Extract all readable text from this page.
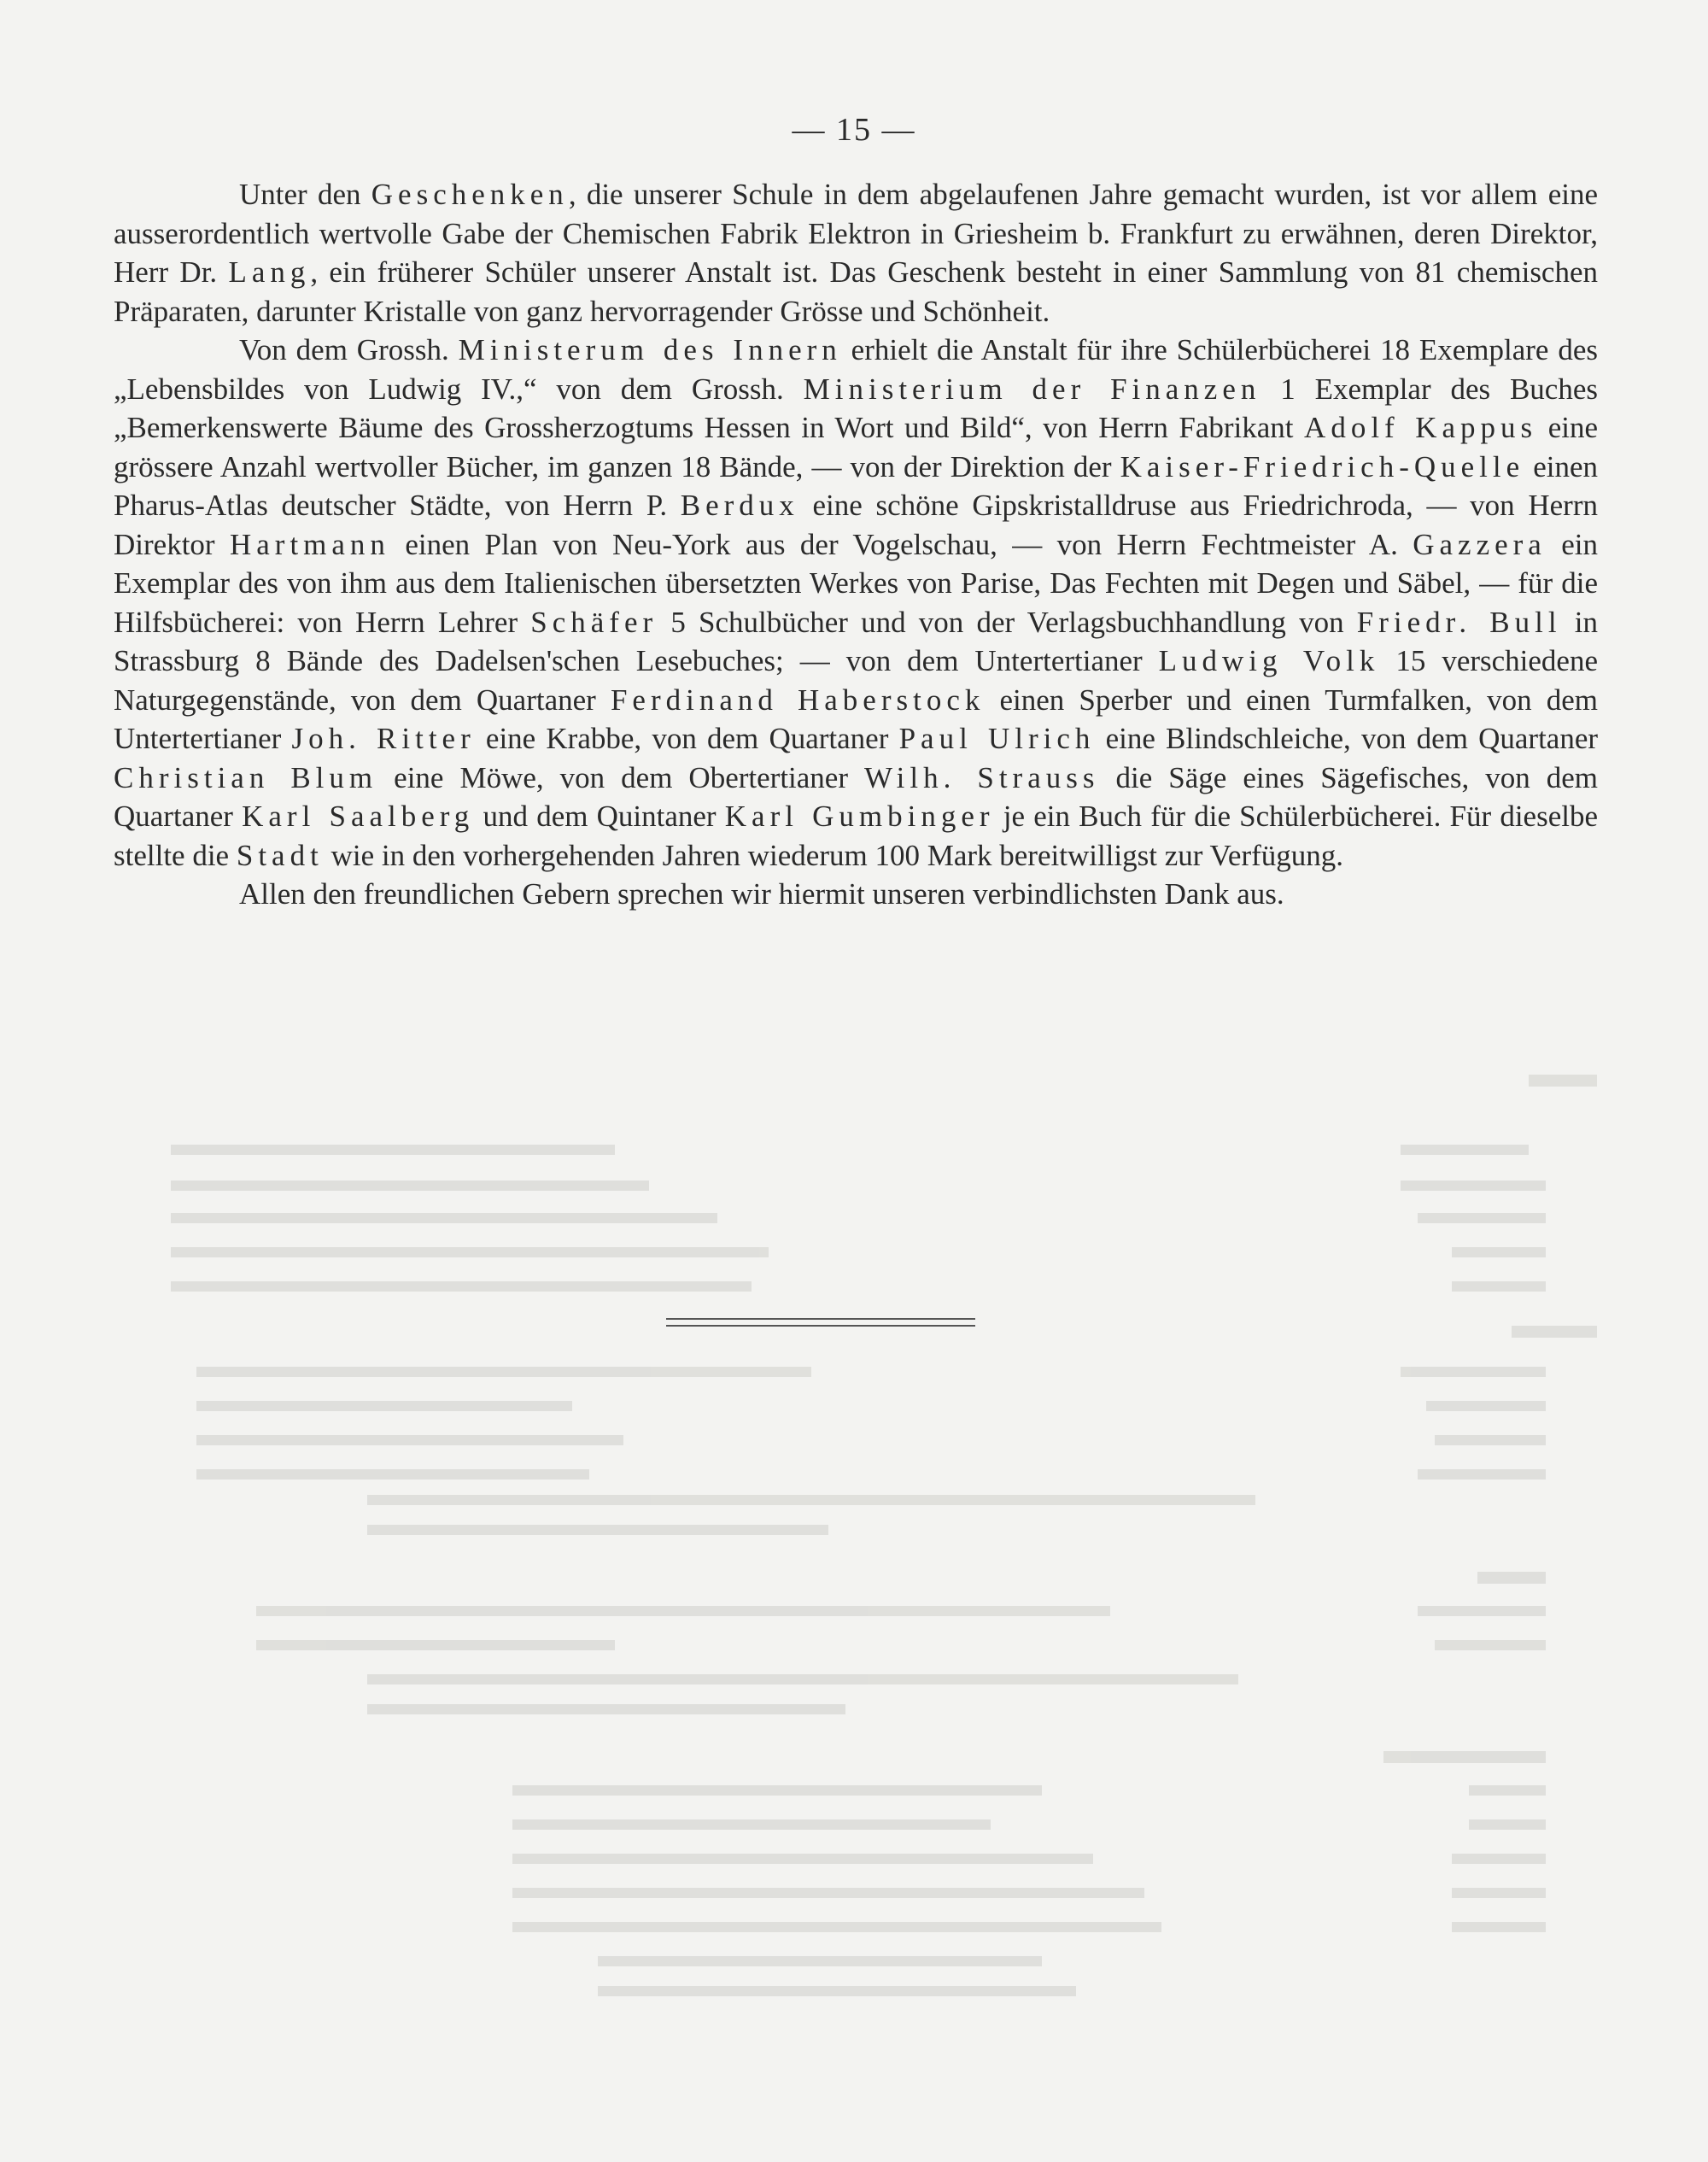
— 15 —

Unter den Geschenken, die unserer Schule in dem abgelaufenen Jahre gemacht wurden, ist vor allem eine ausserordentlich wertvolle Gabe der Chemischen Fabrik Elektron in Griesheim b. Frankfurt zu erwähnen, deren Direktor, Herr Dr. Lang, ein früherer Schüler unserer Anstalt ist. Das Geschenk besteht in einer Sammlung von 81 chemischen Präparaten, darunter Kristalle von ganz hervorragender Grösse und Schönheit.

Von dem Grossh. Ministerum des Innern erhielt die Anstalt für ihre Schülerbücherei 18 Exemplare des „Lebensbildes von Ludwig IV.,“ von dem Grossh. Ministerium der Finanzen 1 Exemplar des Buches „Bemerkenswerte Bäume des Grossherzogtums Hessen in Wort und Bild“, von Herrn Fabrikant Adolf Kappus eine grössere Anzahl wertvoller Bücher, im ganzen 18 Bände, — von der Direktion der Kaiser-Friedrich-Quelle einen Pharus-Atlas deutscher Städte, von Herrn P. Berdux eine schöne Gipskristalldruse aus Friedrichroda, — von Herrn Direktor Hartmann einen Plan von Neu-York aus der Vogelschau, — von Herrn Fechtmeister A. Gazzera ein Exemplar des von ihm aus dem Italienischen übersetzten Werkes von Parise, Das Fechten mit Degen und Säbel, — für die Hilfsbücherei: von Herrn Lehrer Schäfer 5 Schulbücher und von der Verlagsbuchhandlung von Friedr. Bull in Strassburg 8 Bände des Dadelsen'schen Lesebuches; — von dem Untertertianer Ludwig Volk 15 verschiedene Naturgegenstände, von dem Quartaner Ferdinand Haberstock einen Sperber und einen Turmfalken, von dem Untertertianer Joh. Ritter eine Krabbe, von dem Quartaner Paul Ulrich eine Blindschleiche, von dem Quartaner Christian Blum eine Möwe, von dem Obertertianer Wilh. Strauss die Säge eines Sägefisches, von dem Quartaner Karl Saalberg und dem Quintaner Karl Gumbinger je ein Buch für die Schülerbücherei. Für dieselbe stellte die Stadt wie in den vorhergehenden Jahren wiederum 100 Mark bereitwilligst zur Verfügung.

Allen den freundlichen Gebern sprechen wir hiermit unseren verbindlichsten Dank aus.
